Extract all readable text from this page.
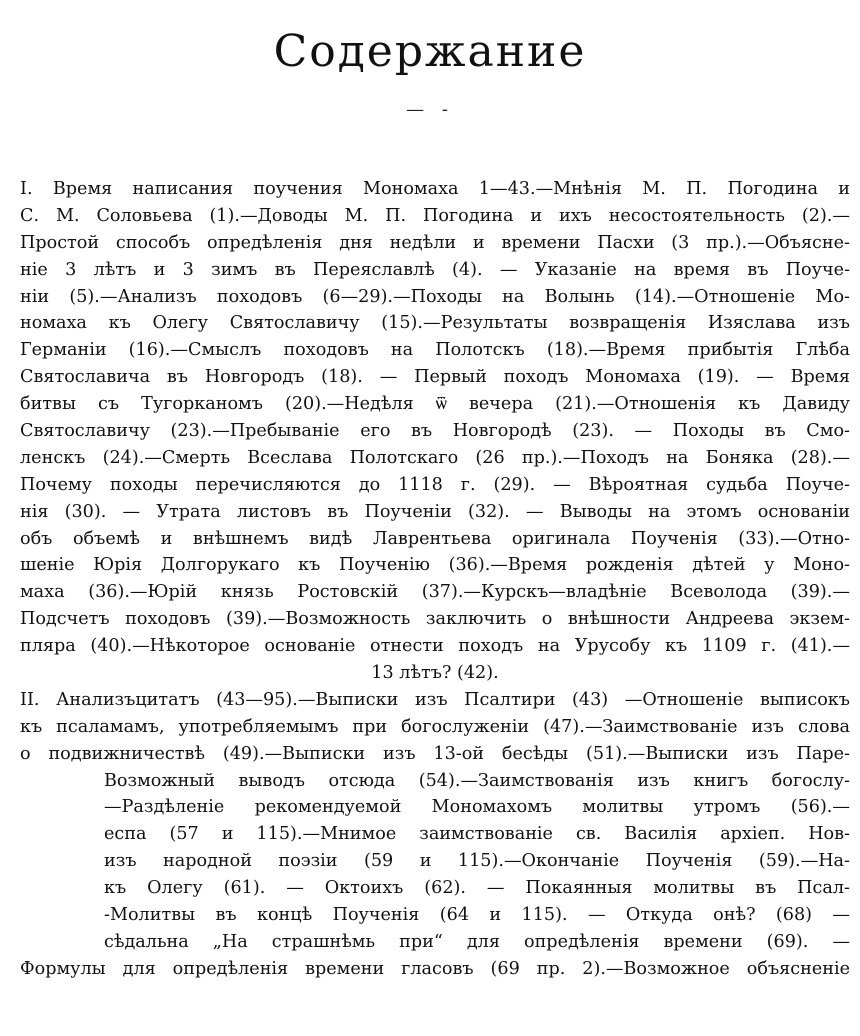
Содержание
— -
I. Время написания поучения Мономаха 1—43.—Мнѣнія М. П. Погодина и
С. М. Соловьева (1).—Доводы М. П. Погодина и ихъ несостоятельность (2).—
Простой способъ опредѣленія дня недѣли и времени Пасхи (3 пр.).—Объясне-
ніе 3 лѣтъ и 3 зимъ въ Переяславлѣ (4). — Указаніе на время въ Поуче-
ніи (5).—Анализъ походовъ (6—29).—Походы на Волынь (14).—Отношеніе Мо-
номаха къ Олегу Святославичу (15).—Результаты возвращенія Изяслава изъ
Германіи (16).—Смыслъ походовъ на Полотскъ (18).—Время прибытія Глѣба
Святославича въ Новгородъ (18). — Первый походъ Мономаха (19). — Время
битвы съ Тугорканомъ (20).—Недѣля ѿ вечера (21).—Отношенія къ Давиду
Святославичу (23).—Пребываніе его въ Новгородѣ (23). — Походы въ Смо-
ленскъ (24).—Смерть Всеслава Полотскаго (26 пр.).—Походъ на Боняка (28).—
Почему походы перечисляются до 1118 г. (29). — Вѣроятная судьба Поуче-
нія (30). — Утрата листовъ въ Поученіи (32). — Выводы на этомъ основаніи
объ объемѣ и внѣшнемъ видѣ Лаврентьева оригинала Поученія (33).—Отно-
шеніе Юрія Долгорукаго къ Поученію (36).—Время рожденія дѣтей у Моно-
маха (36).—Юрій князь Ростовскій (37).—Курскъ—владѣніе Всеволода (39).—
Подсчетъ походовъ (39).—Возможность заключить о внѣшности Андреева экзем-
пляра (40).—Нѣкоторое основаніе отнести походъ на Урусобу къ 1109 г. (41).—
13 лѣтъ? (42).
II. Анализъцитатъ (43—95).—Выписки изъ Псалтири (43) —Отношеніе выписокъ
къ псаламамъ, употребляемымъ при богослуженіи (47).—Заимствованіе изъ слова
о подвижничествѣ (49).—Выписки изъ 13-ой бесѣды (51).—Выписки изъ Паре-
Возможный выводъ отсюда (54).—Заимствованія изъ книгъ богослу-
—Раздѣленіе рекомендуемой Мономахомъ молитвы утромъ (56).—
еспа (57 и 115).—Мнимое заимствованіе св. Василія архіеп. Нов-
изъ народной поэзіи (59 и 115).—Окончаніе Поученія (59).—На-
къ Олегу (61). — Октоихъ (62). — Покаянныя молитвы въ Псал-
-Молитвы въ концѣ Поученія (64 и 115). — Откуда онѣ? (68) —
сѣдальна „На страшнѣмь при“ для опредѣленія времени (69). —
Формулы для опредѣленія времени гласовъ (69 пр. 2).—Возможное объясненіе
